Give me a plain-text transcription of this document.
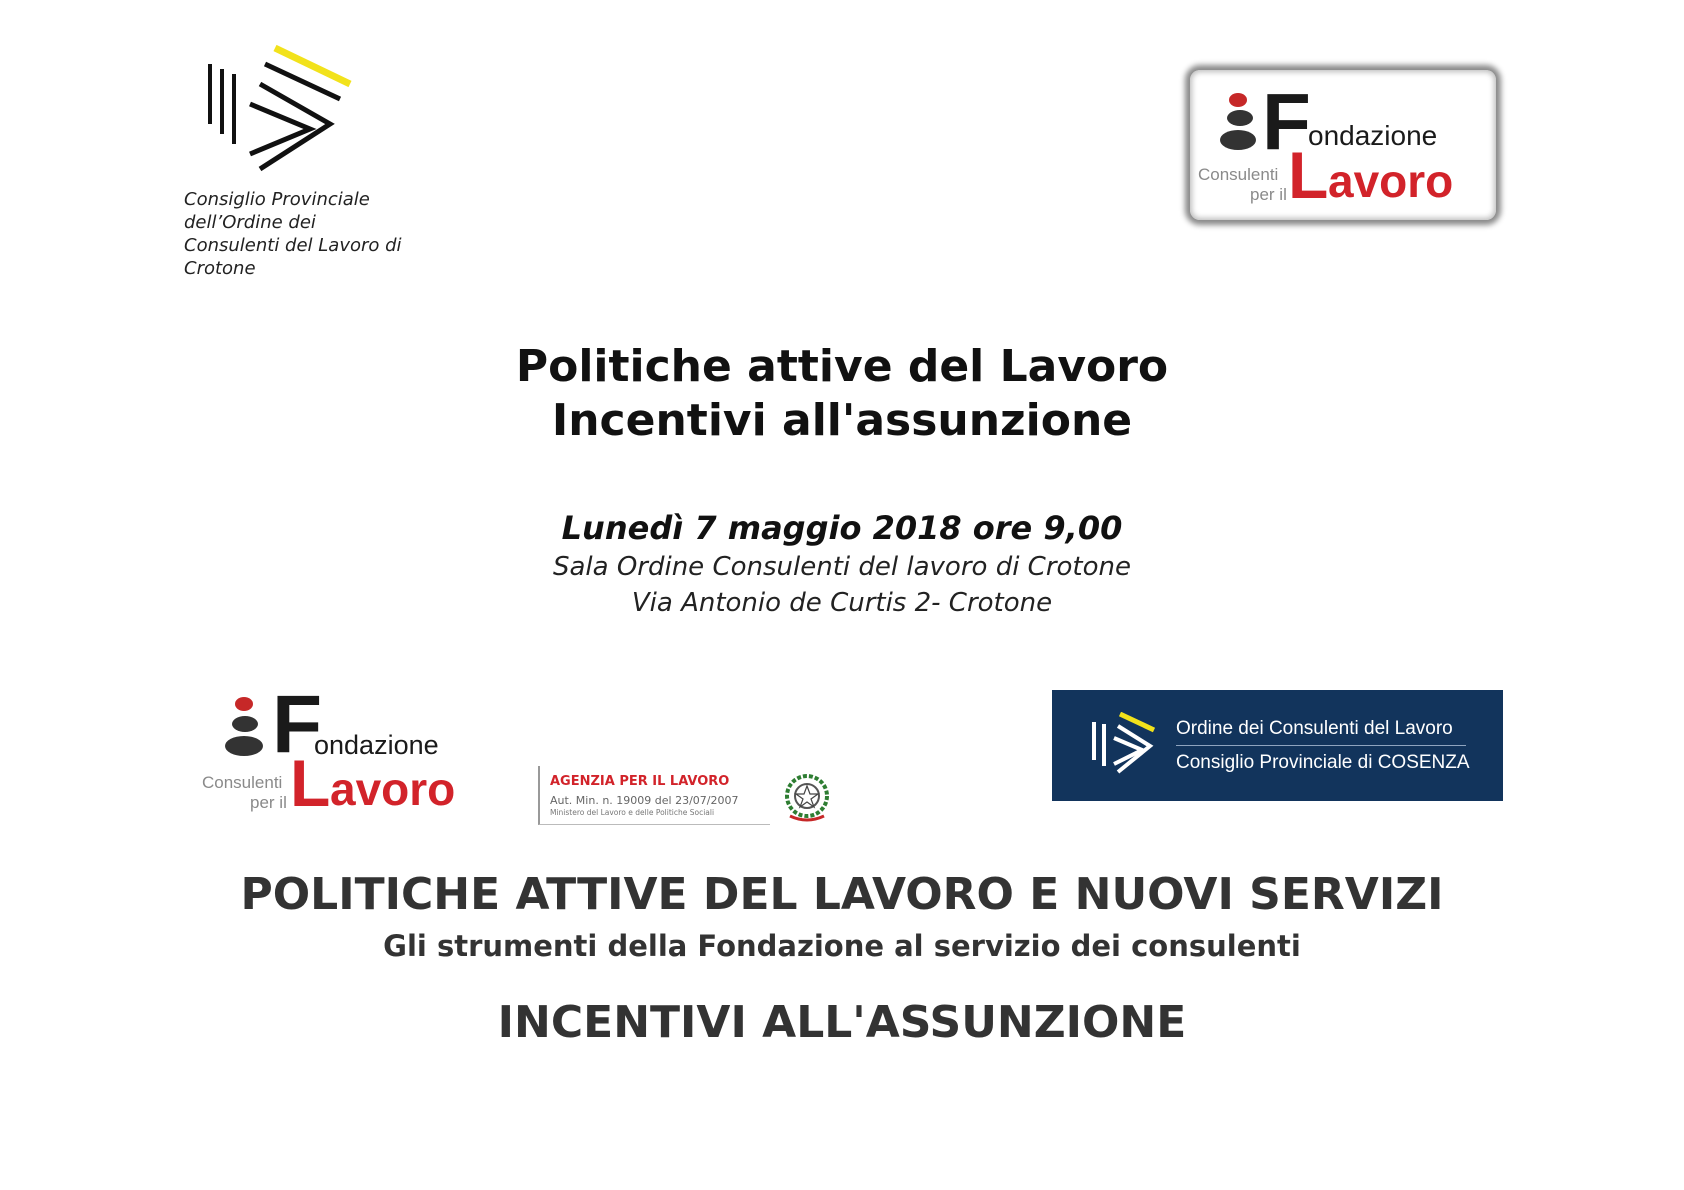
Consiglio Provinciale
dell’Ordine dei
Consulenti del Lavoro di
Crotone
F
ondazione
Consulenti
per il L avoro
Politiche attive del Lavoro
Incentivi all'assunzione
Lunedì 7 maggio 2018 ore 9,00
Sala Ordine Consulenti del lavoro di Crotone
Via Antonio de Curtis 2- Crotone
F
ondazione
Consulenti
per il L avoro	AGENZIA PER IL LAVORO
Aut. Min. n. 19009 del 23/07/2007
Ministero del Lavoro e delle Politiche Sociali
Ordine dei Consulenti del Lavoro
Consiglio Provinciale di COSENZA
POLITICHE ATTIVE DEL LAVORO E NUOVI SERVIZI
Gli strumenti della Fondazione al servizio dei consulenti
INCENTIVI ALL'ASSUNZIONE
